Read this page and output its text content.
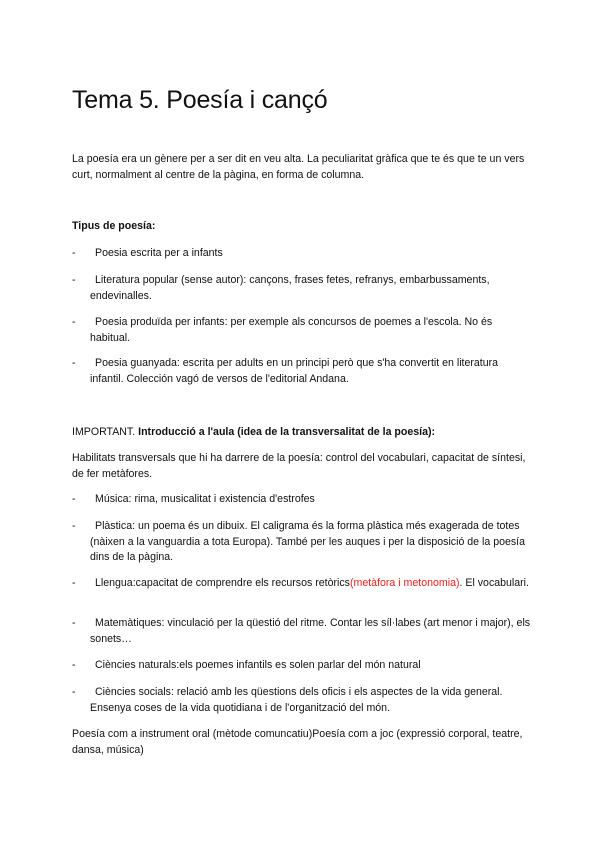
Tema 5. Poesía i cançó

La poesía era un gènere per a ser dit en veu alta. La peculiaritat gràfica que te és que te un vers curt, normalment al centre de la pàgina, en forma de columna.

Tipus de poesía:

-	Poesia escrita per a infants
-	Literatura popular (sense autor): cançons, frases fetes, refranys, embarbussaments, endevinalles.
-	Poesia produïda per infants: per exemple als concursos de poemes a l'escola. No és habitual.
-	Poesia guanyada: escrita per adults en un principi però que s'ha convertit en literatura infantil. Colección vagó de versos de l'editorial Andana.

IMPORTANT. Introducció a l'aula (idea de la transversalitat de la poesía):

Habilitats transversals que hi ha darrere de la poesía: control del vocabulari, capacitat de síntesi, de fer metàfores.

-	Música: rima, musicalitat i existencia d'estrofes
-	Plàstica: un poema és un dibuix. El caligrama és la forma plàstica més exagerada de totes (nàixen a la vanguardia a tota Europa). També per les auques i per la disposició de la poesía dins de la pàgina.
-	Llengua:capacitat de comprendre els recursos retòrics(metàfora i metonomia). El vocabulari.
-	Matemàtiques: vinculació per la qüestió del ritme. Contar les síl·labes (art menor i major), els sonets…
-	Ciències naturals:els poemes infantils es solen parlar del món natural
-	Ciències socials: relació amb les qüestions dels oficis i els aspectes de la vida general. Ensenya coses de la vida quotidiana i de l'organització del món.

Poesía com a instrument oral (mètode comuncatiu)Poesía com a joc (expressió corporal, teatre, dansa, música)
